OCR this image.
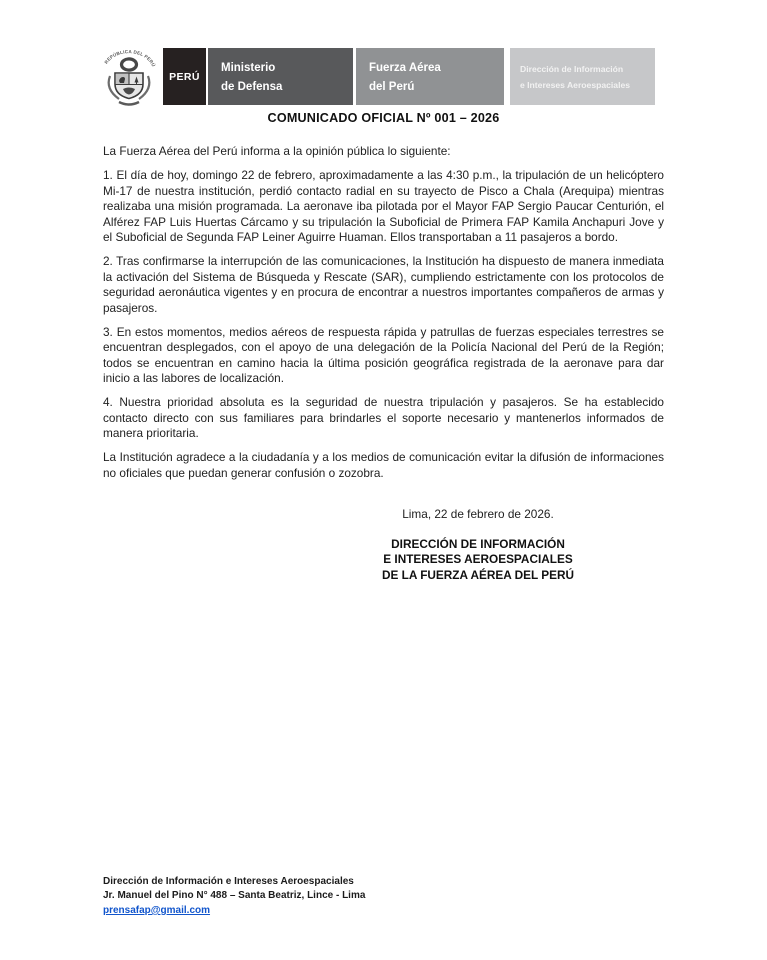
REPÚBLICA DEL PERÚ
PERÚ
Ministerio
de Defensa
Fuerza Aérea
del Perú
Dirección de Información
e Intereses Aeroespaciales
COMUNICADO OFICIAL Nº 001 – 2026

La Fuerza Aérea del Perú informa a la opinión pública lo siguiente:

1. El día de hoy, domingo 22 de febrero, aproximadamente a las 4:30 p.m., la tripulación de un helicóptero Mi-17 de nuestra institución, perdió contacto radial en su trayecto de Pisco a Chala (Arequipa) mientras realizaba una misión programada. La aeronave iba pilotada por el Mayor FAP Sergio Paucar Centurión, el Alférez FAP Luis Huertas Cárcamo y su tripulación la Suboficial de Primera FAP Kamila Anchapuri Jove y el Suboficial de Segunda FAP Leiner Aguirre Huaman. Ellos transportaban a 11 pasajeros a bordo.

2. Tras confirmarse la interrupción de las comunicaciones, la Institución ha dispuesto de manera inmediata la activación del Sistema de Búsqueda y Rescate (SAR), cumpliendo estrictamente con los protocolos de seguridad aeronáutica vigentes y en procura de encontrar a nuestros importantes compañeros de armas y pasajeros.

3. En estos momentos, medios aéreos de respuesta rápida y patrullas de fuerzas especiales terrestres se encuentran desplegados, con el apoyo de una delegación de la Policía Nacional del Perú de la Región; todos se encuentran en camino hacia la última posición geográfica registrada de la aeronave para dar inicio a las labores de localización.

4. Nuestra prioridad absoluta es la seguridad de nuestra tripulación y pasajeros. Se ha establecido contacto directo con sus familiares para brindarles el soporte necesario y mantenerlos informados de manera prioritaria.

La Institución agradece a la ciudadanía y a los medios de comunicación evitar la difusión de informaciones no oficiales que puedan generar confusión o zozobra.

Lima, 22 de febrero de 2026.
DIRECCIÓN DE INFORMACIÓN
E INTERESES AEROESPACIALES
DE LA FUERZA AÉREA DEL PERÚ
Dirección de Información e Intereses Aeroespaciales
Jr. Manuel del Pino N° 488 – Santa Beatriz, Lince - Lima
prensafap@gmail.com
